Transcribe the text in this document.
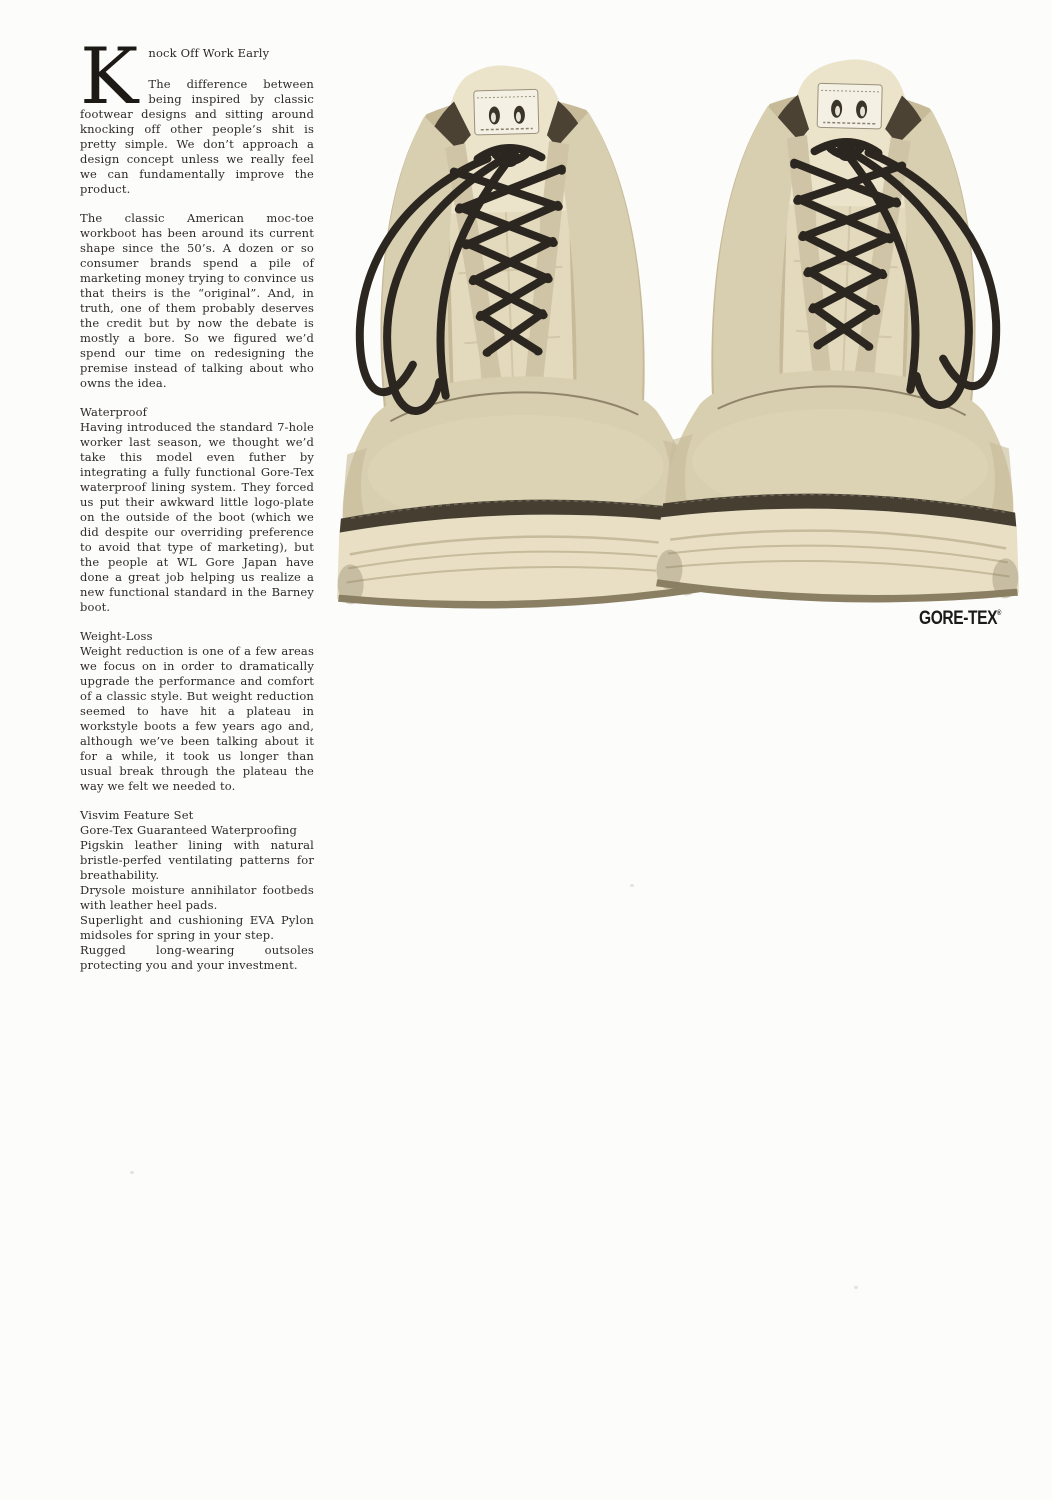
K nock Off Work Early

The difference between being inspired by classic footwear designs and sitting around knocking off other people’s shit is pretty simple. We don’t approach a design concept unless we really feel we can fundamentally improve the product.

The classic American moc-toe workboot has been around its current shape since the 50’s. A dozen or so consumer brands spend a pile of marketing money trying to convince us that theirs is the “original”. And, in truth, one of them probably deserves the credit but by now the debate is mostly a bore. So we figured we’d spend our time on redesigning the premise instead of talking about who owns the idea.

Waterproof

Having introduced the standard 7-hole worker last season, we thought we’d take this model even futher by integrating a fully functional Gore-Tex waterproof lining system. They forced us put their awkward little logo-plate on the outside of the boot (which we did despite our overriding preference to avoid that type of marketing), but the people at WL Gore Japan have done a great job helping us realize a new functional standard in the Barney boot.

Weight-Loss

Weight reduction is one of a few areas we focus on in order to dramatically upgrade the performance and comfort of a classic style. But weight reduction seemed to have hit a plateau in workstyle boots a few years ago and, although we’ve been talking about it for a while, it took us longer than usual break through the plateau the way we felt we needed to.

Visvim Feature Set

Gore-Tex Guaranteed Waterproofing

Pigskin leather lining with natural bristle-perfed ventilating patterns for breathability.

Drysole moisture annihilator footbeds with leather heel pads.

Superlight and cushioning EVA Pylon midsoles for spring in your step.

Rugged long-wearing outsoles protecting you and your investment.

GORE-TEX®
